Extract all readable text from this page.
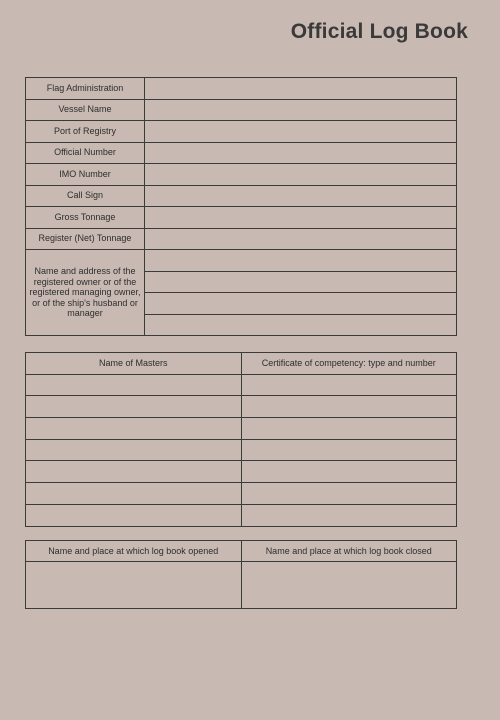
Official Log Book
Flag Administration	
Vessel Name	
Port of Registry	
Official Number	
IMO Number	
Call Sign	
Gross Tonnage	
Register (Net) Tonnage	
Name and address of the registered owner or of the registered managing owner, or of the ship's husband or manager	

Name of Masters	Certificate of competency: type and number

Name and place at which log book opened	Name and place at which log book closed
